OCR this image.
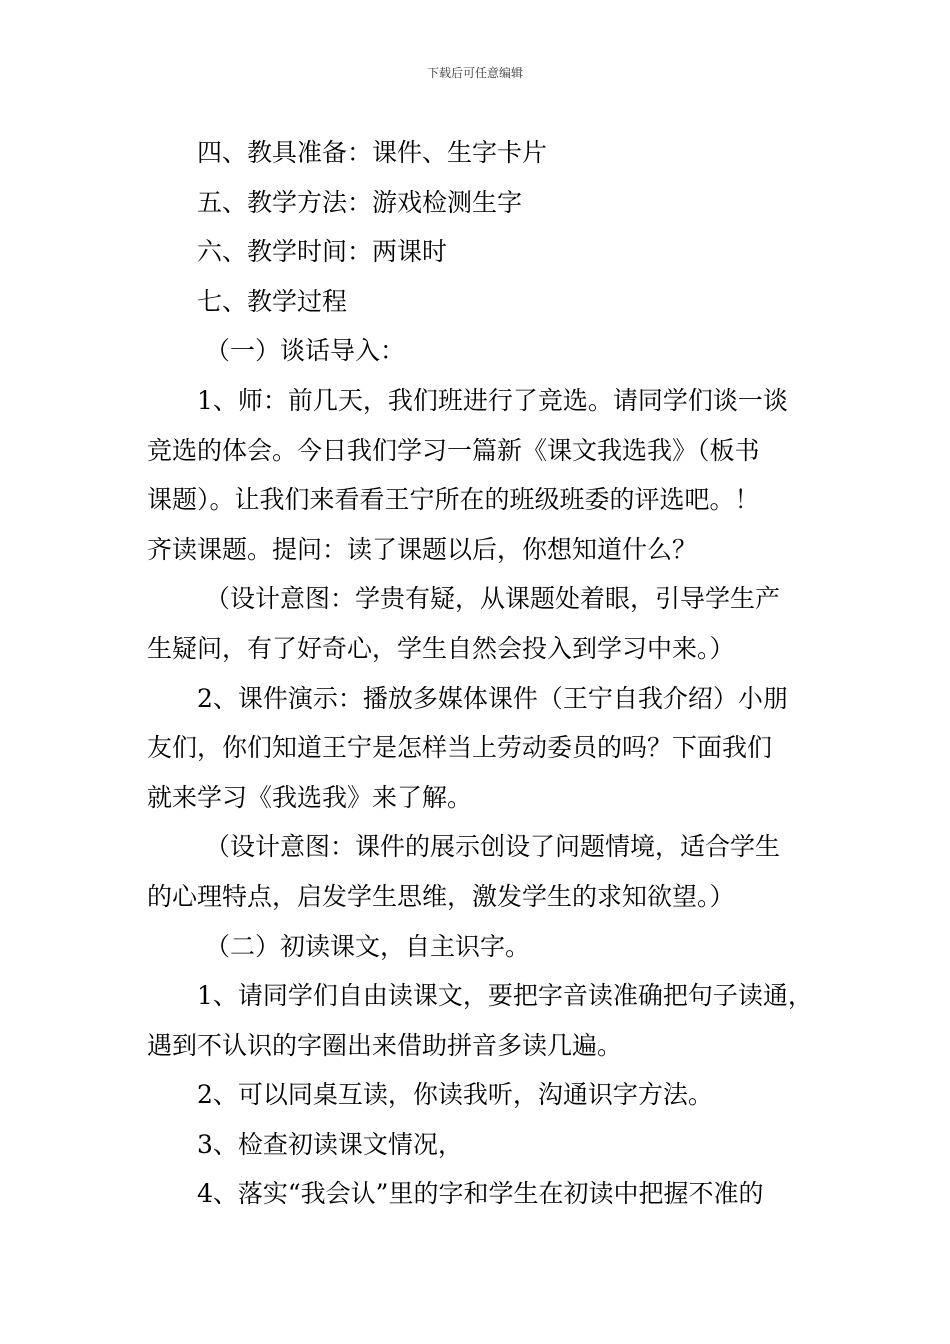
下载后可任意编辑

四、教具准备：课件、生字卡片

五、教学方法：游戏检测生字

六、教学时间：两课时

七、教学过程

（一）谈话导入：

1、师：前几天，我们班进行了竞选。请同学们谈一谈

竞选的体会。今日我们学习一篇新《课文我选我》（板书

课题）。让我们来看看王宁所在的班级班委的评选吧。！

齐读课题。提问：读了课题以后，你想知道什么？

（设计意图：学贵有疑，从课题处着眼，引导学生产

生疑问，有了好奇心，学生自然会投入到学习中来。）

2、课件演示：播放多媒体课件（王宁自我介绍）小朋

友们，你们知道王宁是怎样当上劳动委员的吗？下面我们

就来学习《我选我》来了解。

（设计意图：课件的展示创设了问题情境，适合学生

的心理特点，启发学生思维，激发学生的求知欲望。）

（二）初读课文，自主识字。

1、请同学们自由读课文，要把字音读准确把句子读通，

遇到不认识的字圈出来借助拼音多读几遍。

2、可以同桌互读，你读我听，沟通识字方法。

3、检查初读课文情况，

4、落实“我会认”里的字和学生在初读中把握不准的
